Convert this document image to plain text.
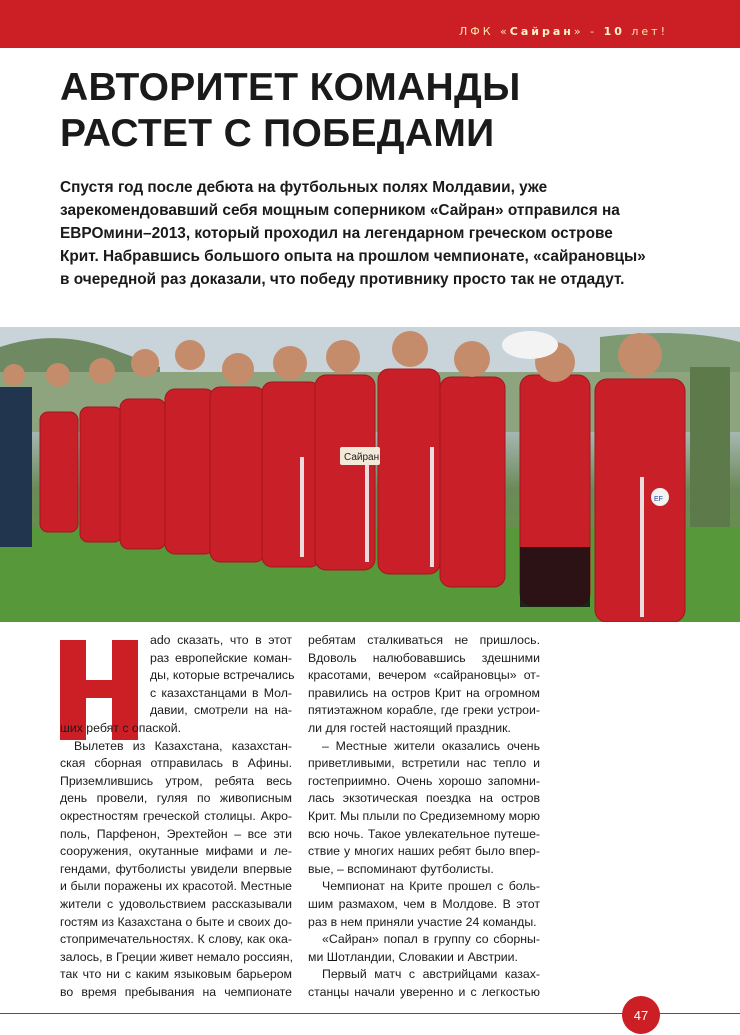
ЛФК «Сайран» - 10 лет!
АВТОРИТЕТ КОМАНДЫ
РАСТЕТ С ПОБЕДАМИ
Спустя год после дебюта на футбольных полях Молдавии, уже
зарекомендовавший себя мощным соперником «Сайран» отправился на
ЕВРОмини–2013, который проходил на легендарном греческом острове
Крит. Набравшись большого опыта на прошлом чемпионате, «сайрановцы»
в очередной раз доказали, что победу противнику просто так не отдадут.
Сайран
EF
ado сказать, что в этот
раз европейские коман-
ды, которые встречались
с казахстанцами в Мол-
давии, смотрели на на-
ших ребят с опаской.
Вылетев из Казахстана, казахстан-
ская сборная отправилась в Афины.
Приземлившись утром, ребята весь
день провели, гуляя по живописным
окрестностям греческой столицы. Акро-
поль, Парфенон, Эрехтейон – все эти
сооружения, окутанные мифами и ле-
гендами, футболисты увидели впервые
и были поражены их красотой. Местные
жители с удовольствием рассказывали
гостям из Казахстана о быте и своих до-
стопримечательностях. К слову, как ока-
залось, в Греции живет немало россиян,
так что ни с каким языковым барьером
во время пребывания на чемпионате
ребятам сталкиваться не пришлось.
Вдоволь налюбовавшись здешними
красотами, вечером «сайрановцы» от-
правились на остров Крит на огромном
пятиэтажном корабле, где греки устрои-
ли для гостей настоящий праздник.
– Местные жители оказались очень
приветливыми, встретили нас тепло и
гостеприимно. Очень хорошо запомни-
лась экзотическая поездка на остров
Крит. Мы плыли по Средиземному морю
всю ночь. Такое увлекательное путеше-
ствие у многих наших ребят было впер-
вые, – вспоминают футболисты.
Чемпионат на Крите прошел с боль-
шим размахом, чем в Молдове. В этот
раз в нем приняли участие 24 команды.
«Сайран» попал в группу со сборны-
ми Шотландии, Словакии и Австрии.
Первый матч с австрийцами казах-
станцы начали уверенно и с легкостью
47
